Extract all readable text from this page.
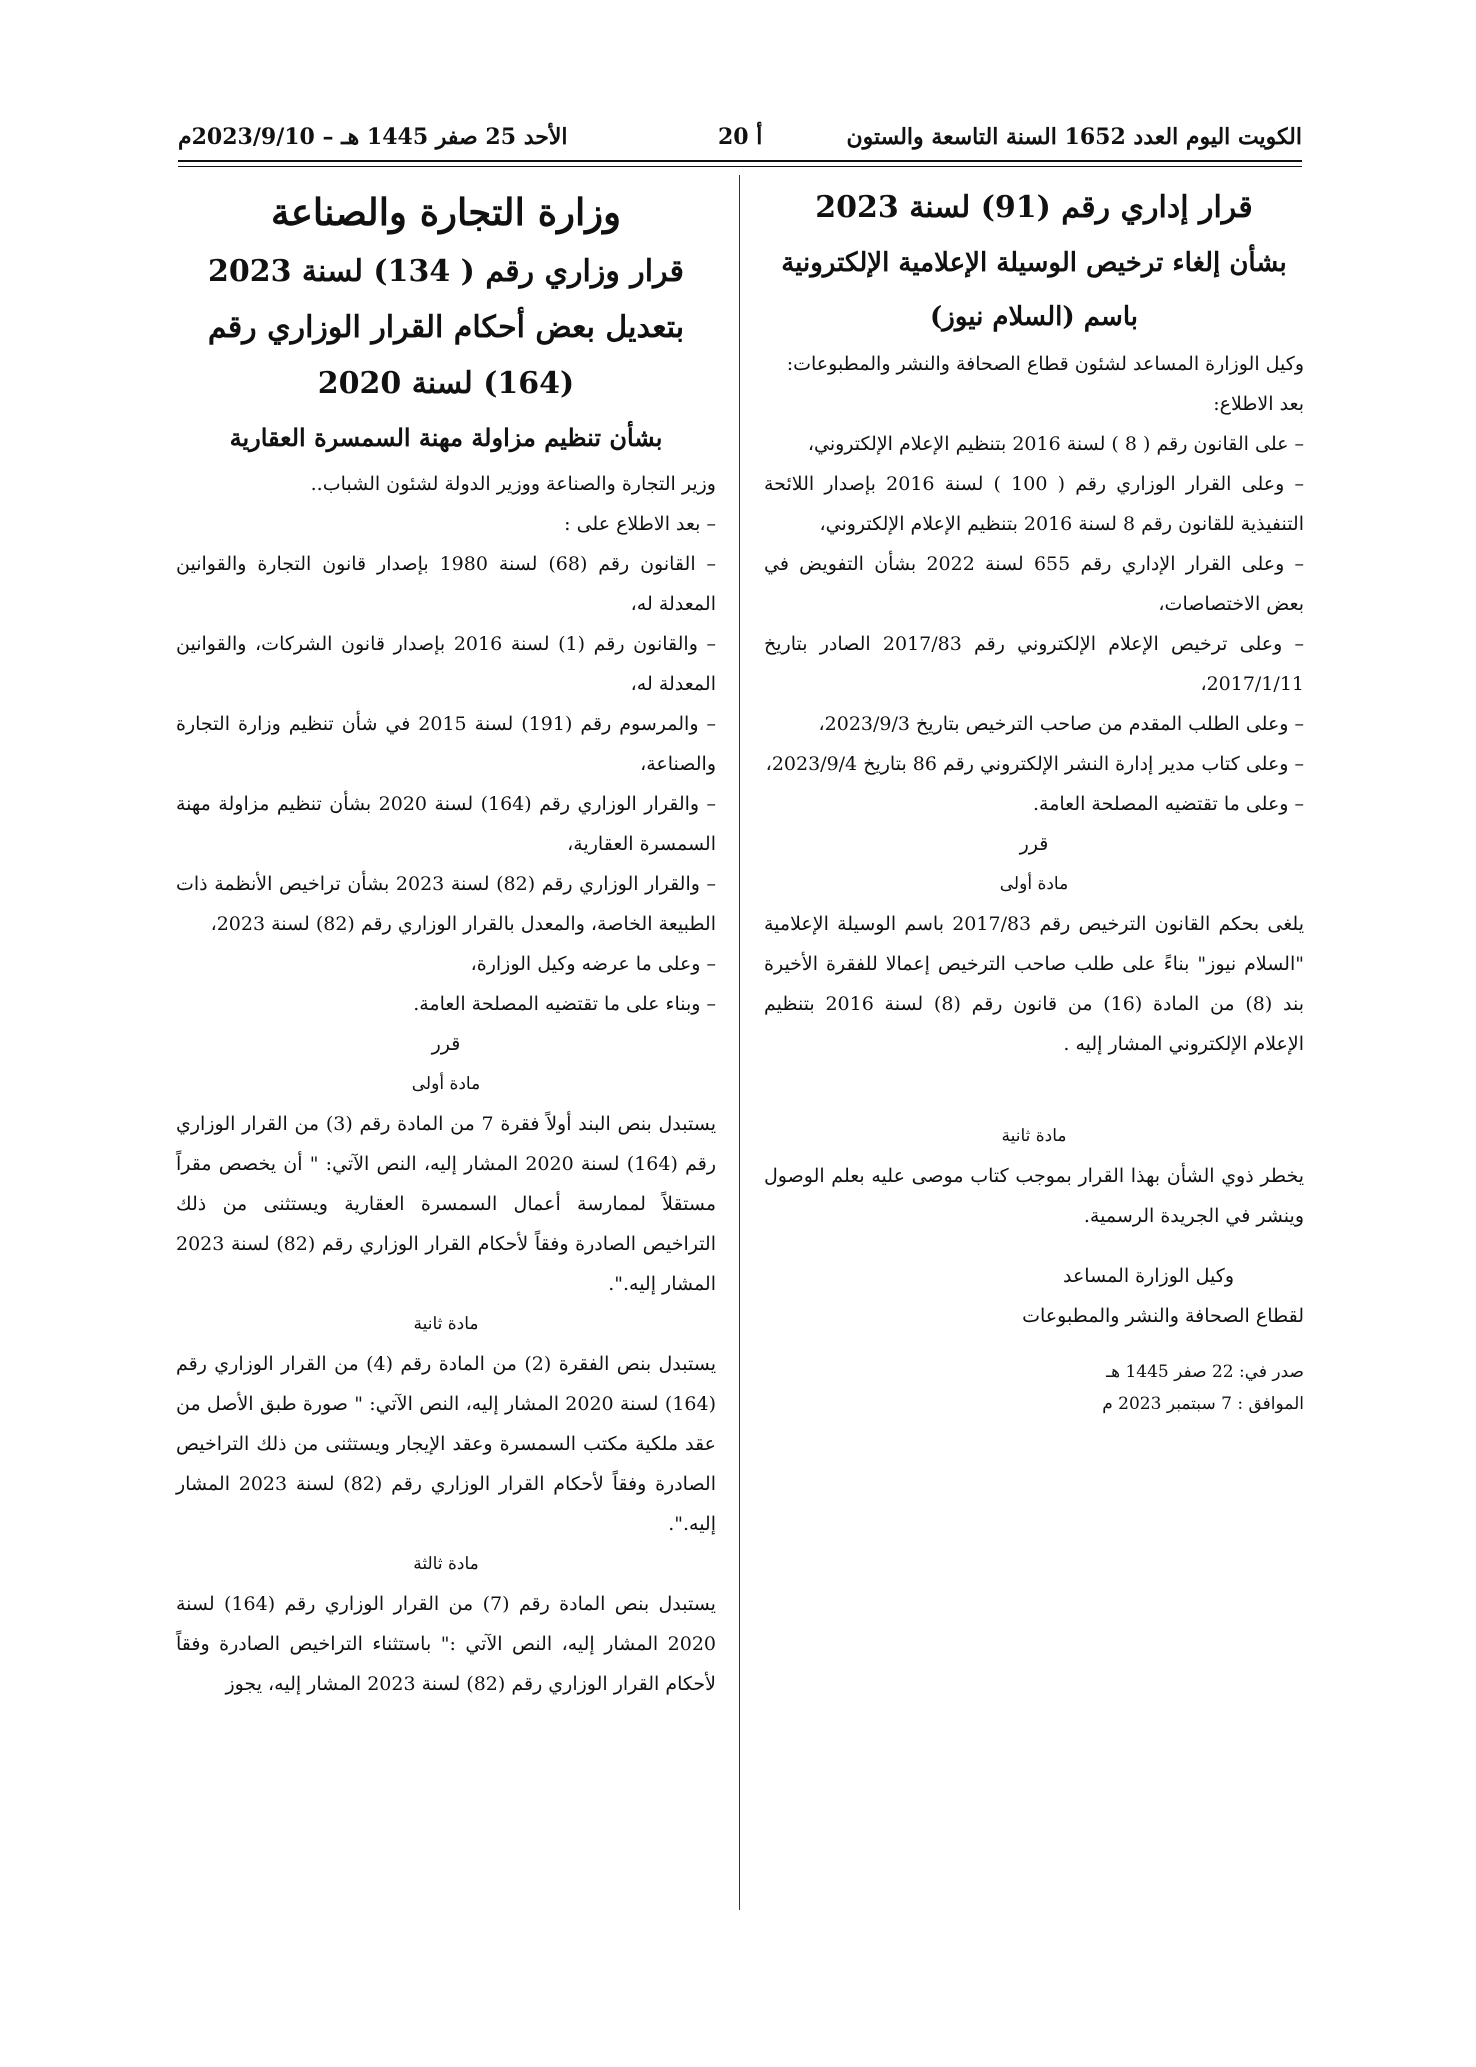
الكويت اليوم العدد 1652 السنة التاسعة والستون
أ 20
الأحد 25 صفر 1445 هـ – 2023/9/10م

قرار إداري رقم (91) لسنة 2023

بشأن إلغاء ترخيص الوسيلة الإعلامية الإلكترونية

باسم (السلام نيوز)

وكيل الوزارة المساعد لشئون قطاع الصحافة والنشر والمطبوعات:

بعد الاطلاع:

– على القانون رقم ( 8 ) لسنة 2016 بتنظيم الإعلام الإلكتروني،

– وعلى القرار الوزاري رقم ( 100 ) لسنة 2016 بإصدار اللائحة التنفيذية للقانون رقم 8 لسنة 2016 بتنظيم الإعلام الإلكتروني،

– وعلى القرار الإداري رقم 655 لسنة 2022 بشأن التفويض في بعض الاختصاصات،

– وعلى ترخيص الإعلام الإلكتروني رقم 2017/83 الصادر بتاريخ 2017/1/11،

– وعلى الطلب المقدم من صاحب الترخيص بتاريخ 2023/9/3،

– وعلى كتاب مدير إدارة النشر الإلكتروني رقم 86 بتاريخ 2023/9/4،

– وعلى ما تقتضيه المصلحة العامة.

قرر

مادة أولى

يلغى بحكم القانون الترخيص رقم 2017/83 باسم الوسيلة الإعلامية "السلام نيوز" بناءً على طلب صاحب الترخيص إعمالا للفقرة الأخيرة بند (8) من المادة (16) من قانون رقم (8) لسنة 2016 بتنظيم الإعلام الإلكتروني المشار إليه .

مادة ثانية

يخطر ذوي الشأن بهذا القرار بموجب كتاب موصى عليه بعلم الوصول وينشر في الجريدة الرسمية.

وكيل الوزارة المساعد

لقطاع الصحافة والنشر والمطبوعات

صدر في: 22 صفر 1445 هـ

الموافق : 7 سبتمبر 2023 م

وزارة التجارة والصناعة

قرار وزاري رقم ( 134) لسنة 2023

بتعديل بعض أحكام القرار الوزاري رقم (164) لسنة 2020

بشأن تنظيم مزاولة مهنة السمسرة العقارية

وزير التجارة والصناعة ووزير الدولة لشئون الشباب..

– بعد الاطلاع على :

– القانون رقم (68) لسنة 1980 بإصدار قانون التجارة والقوانين المعدلة له،

– والقانون رقم (1) لسنة 2016 بإصدار قانون الشركات، والقوانين المعدلة له،

– والمرسوم رقم (191) لسنة 2015 في شأن تنظيم وزارة التجارة والصناعة،

– والقرار الوزاري رقم (164) لسنة 2020 بشأن تنظيم مزاولة مهنة السمسرة العقارية،

– والقرار الوزاري رقم (82) لسنة 2023 بشأن تراخيص الأنظمة ذات الطبيعة الخاصة، والمعدل بالقرار الوزاري رقم (82) لسنة 2023،

– وعلى ما عرضه وكيل الوزارة،

– وبناء على ما تقتضيه المصلحة العامة.

قرر

مادة أولى

يستبدل بنص البند أولاً فقرة 7 من المادة رقم (3) من القرار الوزاري رقم (164) لسنة 2020 المشار إليه، النص الآتي: " أن يخصص مقراً مستقلاً لممارسة أعمال السمسرة العقارية ويستثنى من ذلك التراخيص الصادرة وفقاً لأحكام القرار الوزاري رقم (82) لسنة 2023 المشار إليه.".

مادة ثانية

يستبدل بنص الفقرة (2) من المادة رقم (4) من القرار الوزاري رقم (164) لسنة 2020 المشار إليه، النص الآتي: " صورة طبق الأصل من عقد ملكية مكتب السمسرة وعقد الإيجار ويستثنى من ذلك التراخيص الصادرة وفقاً لأحكام القرار الوزاري رقم (82) لسنة 2023 المشار إليه.".

مادة ثالثة

يستبدل بنص المادة رقم (7) من القرار الوزاري رقم (164) لسنة 2020 المشار إليه، النص الآتي :" باستثناء التراخيص الصادرة وفقاً لأحكام القرار الوزاري رقم (82) لسنة 2023 المشار إليه، يجوز
